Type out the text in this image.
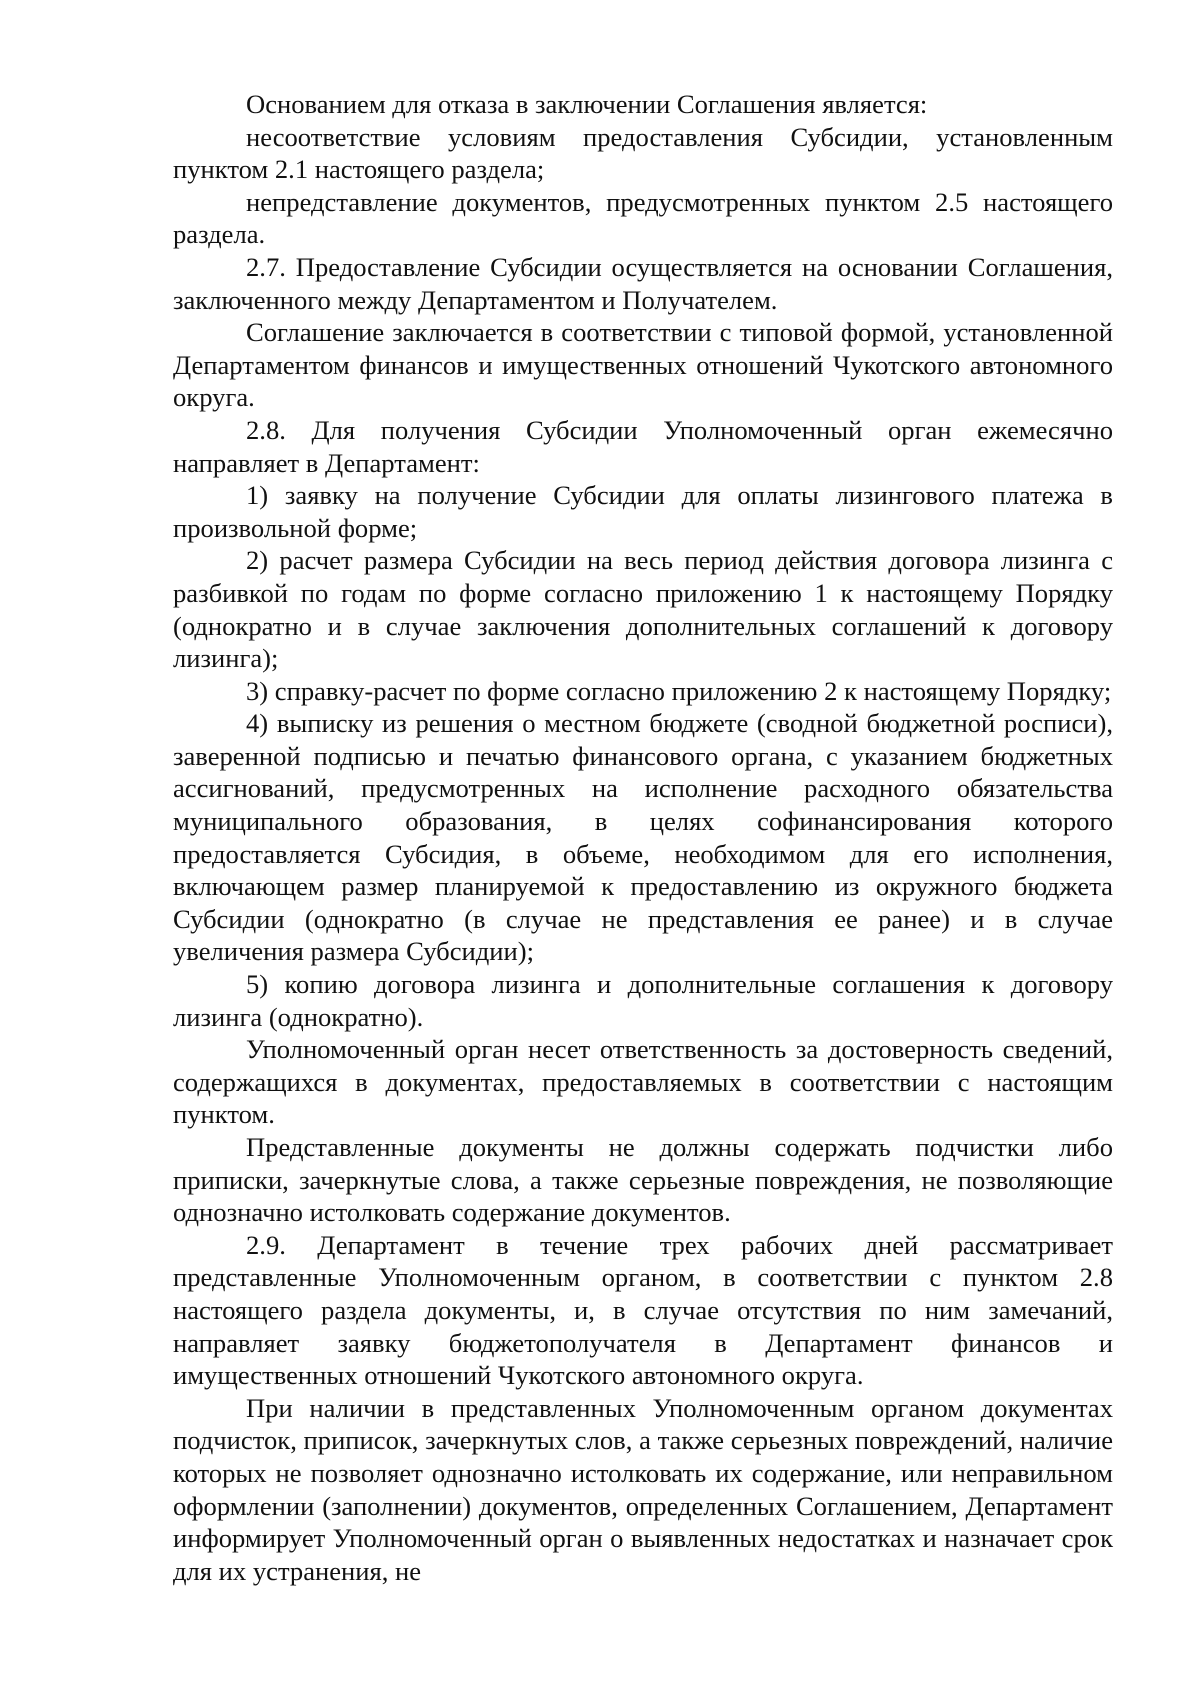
Основанием для отказа в заключении Соглашения является:

несоответствие условиям предоставления Субсидии, установленным пунктом 2.1 настоящего раздела;

непредставление документов, предусмотренных пунктом 2.5 настоящего раздела.

2.7. Предоставление Субсидии осуществляется на основании Соглашения, заключенного между Департаментом и Получателем.

Соглашение заключается в соответствии с типовой формой, установленной Департаментом финансов и имущественных отношений Чукотского автономного округа.

2.8. Для получения Субсидии Уполномоченный орган ежемесячно направляет в Департамент:

1) заявку на получение Субсидии для оплаты лизингового платежа в произвольной форме;

2) расчет размера Субсидии на весь период действия договора лизинга с разбивкой по годам по форме согласно приложению 1 к настоящему Порядку (однократно и в случае заключения дополнительных соглашений к договору лизинга);

3) справку-расчет по форме согласно приложению 2 к настоящему Порядку;

4) выписку из решения о местном бюджете (сводной бюджетной росписи), заверенной подписью и печатью финансового органа, с указанием бюджетных ассигнований, предусмотренных на исполнение расходного обязательства муниципального образования, в целях софинансирования которого предоставляется Субсидия, в объеме, необходимом для его исполнения, включающем размер планируемой к предоставлению из окружного бюджета Субсидии (однократно (в случае не представления ее ранее) и в случае увеличения размера Субсидии);

5) копию договора лизинга и дополнительные соглашения к договору лизинга (однократно).

Уполномоченный орган несет ответственность за достоверность сведений, содержащихся в документах, предоставляемых в соответствии с настоящим пунктом.

Представленные документы не должны содержать подчистки либо приписки, зачеркнутые слова, а также серьезные повреждения, не позволяющие однозначно истолковать содержание документов.

2.9. Департамент в течение трех рабочих дней рассматривает представленные Уполномоченным органом, в соответствии с пунктом 2.8 настоящего раздела документы, и, в случае отсутствия по ним замечаний, направляет заявку бюджетополучателя в Департамент финансов и имущественных отношений Чукотского автономного округа.

При наличии в представленных Уполномоченным органом документах подчисток, приписок, зачеркнутых слов, а также серьезных повреждений, наличие которых не позволяет однозначно истолковать их содержание, или неправильном оформлении (заполнении) документов, определенных Соглашением, Департамент информирует Уполномоченный орган о выявленных недостатках и назначает срок для их устранения, не
